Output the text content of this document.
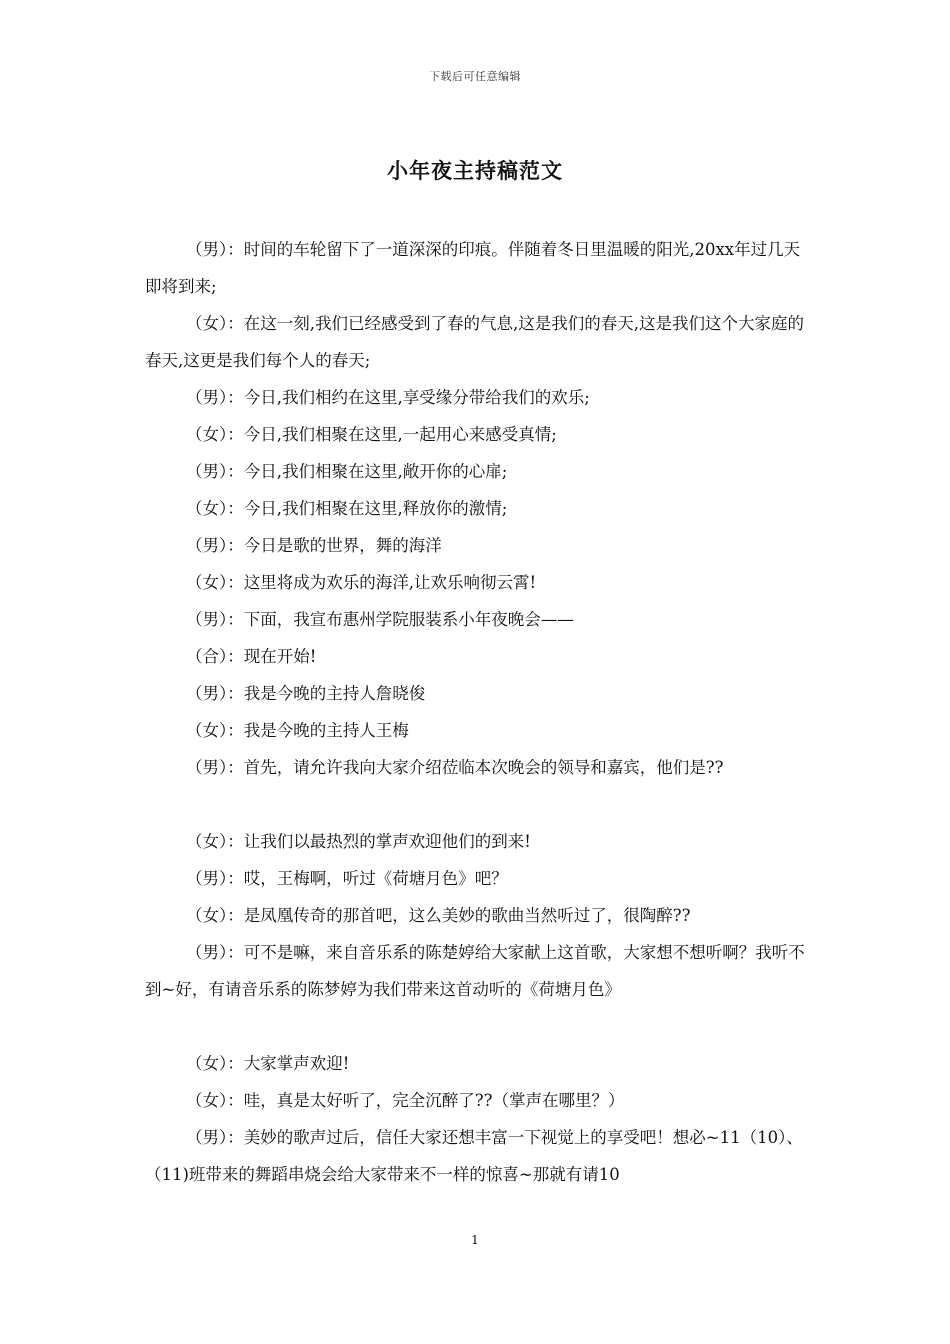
下载后可任意编辑
小年夜主持稿范文

（男）：时间的车轮留下了一道深深的印痕。伴随着冬日里温暖的阳光,20xx年过几天即将到来;

（女）：在这一刻,我们已经感受到了春的气息,这是我们的春天,这是我们这个大家庭的春天,这更是我们每个人的春天;

（男）：今日,我们相约在这里,享受缘分带给我们的欢乐;

（女）：今日,我们相聚在这里,一起用心来感受真情;

（男）：今日,我们相聚在这里,敞开你的心扉;

（女）：今日,我们相聚在这里,释放你的激情;

（男）：今日是歌的世界，舞的海洋

（女）：这里将成为欢乐的海洋,让欢乐响彻云霄!

（男）：下面，我宣布惠州学院服装系小年夜晚会——

（合）：现在开始!

（男）：我是今晚的主持人詹晓俊

（女）：我是今晚的主持人王梅

（男）：首先，请允许我向大家介绍莅临本次晚会的领导和嘉宾，他们是??

（女）：让我们以最热烈的掌声欢迎他们的到来!

（男）：哎，王梅啊，听过《荷塘月色》吧？

（女）：是凤凰传奇的那首吧，这么美妙的歌曲当然听过了，很陶醉??

（男）：可不是嘛，来自音乐系的陈楚婷给大家献上这首歌，大家想不想听啊？我听不到~好，有请音乐系的陈梦婷为我们带来这首动听的《荷塘月色》

（女）：大家掌声欢迎!

（女）：哇，真是太好听了，完全沉醉了??（掌声在哪里？）

（男）：美妙的歌声过后，信任大家还想丰富一下视觉上的享受吧！想必~11（10）、（11)班带来的舞蹈串烧会给大家带来不一样的惊喜~那就有请10

1
